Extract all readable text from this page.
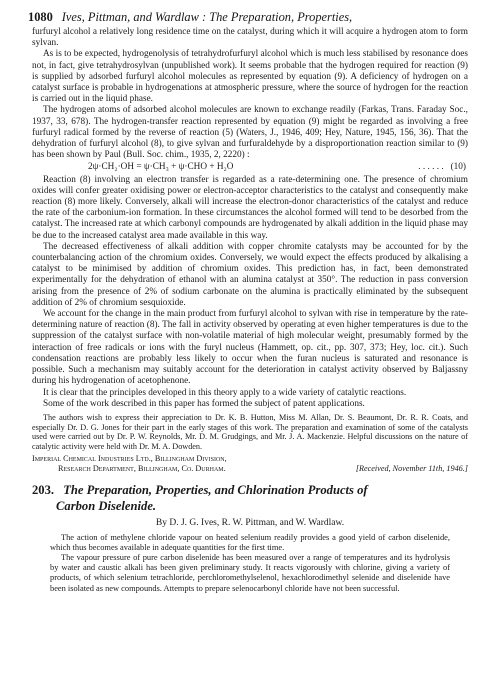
1080 Ives, Pittman, and Wardlaw : The Preparation, Properties,

furfuryl alcohol a relatively long residence time on the catalyst, during which it will acquire a hydrogen atom to form sylvan.

As is to be expected, hydrogenolysis of tetrahydrofurfuryl alcohol which is much less stabilised by resonance does not, in fact, give tetrahydrosylvan (unpublished work). It seems probable that the hydrogen required for reaction (9) is supplied by adsorbed furfuryl alcohol molecules as represented by equation (9). A deficiency of hydrogen on a catalyst surface is probable in hydrogenations at atmospheric pressure, where the source of hydrogen for the reaction is carried out in the liquid phase.

The hydrogen atoms of adsorbed alcohol molecules are known to exchange readily (Farkas, Trans. Faraday Soc., 1937, 33, 678). The hydrogen-transfer reaction represented by equation (9) might be regarded as involving a free furfuryl radical formed by the reverse of reaction (5) (Waters, J., 1946, 409; Hey, Nature, 1945, 156, 36). That the dehydration of furfuryl alcohol (8), to give sylvan and furfuraldehyde by a disproportionation reaction similar to (9) has been shown by Paul (Bull. Soc. chim., 1935, 2, 2220) :

2ψ·CH₂·OH = ψ·CH₃ + ψ·CHO + H₂O	. . . . . .   (10)

Reaction (8) involving an electron transfer is regarded as a rate-determining one. The presence of chromium oxides will confer greater oxidising power or electron-acceptor characteristics to the catalyst and consequently make reaction (8) more likely. Conversely, alkali will increase the electron-donor characteristics of the catalyst and reduce the rate of the carbonium-ion formation. In these circumstances the alcohol formed will tend to be desorbed from the catalyst. The increased rate at which carbonyl compounds are hydrogenated by alkali addition in the liquid phase may be due to the increased catalyst area made available in this way.

The decreased effectiveness of alkali addition with copper chromite catalysts may be accounted for by the counterbalancing action of the chromium oxides. Conversely, we would expect the effects produced by alkalising a catalyst to be minimised by addition of chromium oxides. This prediction has, in fact, been demonstrated experimentally for the dehydration of ethanol with an alumina catalyst at 350°. The reduction in pass conversion arising from the presence of 2% of sodium carbonate on the alumina is practically eliminated by the subsequent addition of 2% of chromium sesquioxide.

We account for the change in the main product from furfuryl alcohol to sylvan with rise in temperature by the rate-determining nature of reaction (8). The fall in activity observed by operating at even higher temperatures is due to the suppression of the catalyst surface with non-volatile material of high molecular weight, presumably formed by the interaction of free radicals or ions with the furyl nucleus (Hammett, op. cit., pp. 307, 373; Hey, loc. cit.). Such condensation reactions are probably less likely to occur when the furan nucleus is saturated and resonance is possible. Such a mechanism may suitably account for the deterioration in catalyst activity observed by Baljassny during his hydrogenation of acetophenone.

It is clear that the principles developed in this theory apply to a wide variety of catalytic reactions.

Some of the work described in this paper has formed the subject of patent applications.

The authors wish to express their appreciation to Dr. K. B. Hutton, Miss M. Allan, Dr. S. Beaumont, Dr. R. R. Coats, and especially Dr. D. G. Jones for their part in the early stages of this work. The preparation and examination of some of the catalysts used were carried out by Dr. P. W. Reynolds, Mr. D. M. Grudgings, and Mr. J. A. Mackenzie. Helpful discussions on the nature of catalytic activity were held with Dr. M. A. Dowden.

Imperial Chemical Industries Ltd., Billingham Division,
Research Department, Billingham, Co. Durham.	[Received, November 11th, 1946.]
203. The Preparation, Properties, and Chlorination Products of
Carbon Diselenide.
By D. J. G. Ives, R. W. Pittman, and W. Wardlaw.

The action of methylene chloride vapour on heated selenium readily provides a good yield of carbon diselenide, which thus becomes available in adequate quantities for the first time.

The vapour pressure of pure carbon diselenide has been measured over a range of temperatures and its hydrolysis by water and caustic alkali has been given preliminary study. It reacts vigorously with chlorine, giving a variety of products, of which selenium tetrachloride, perchloromethylselenol, hexachlorodimethyl selenide and diselenide have been isolated as new compounds. Attempts to prepare selenocarbonyl chloride have not been successful.
